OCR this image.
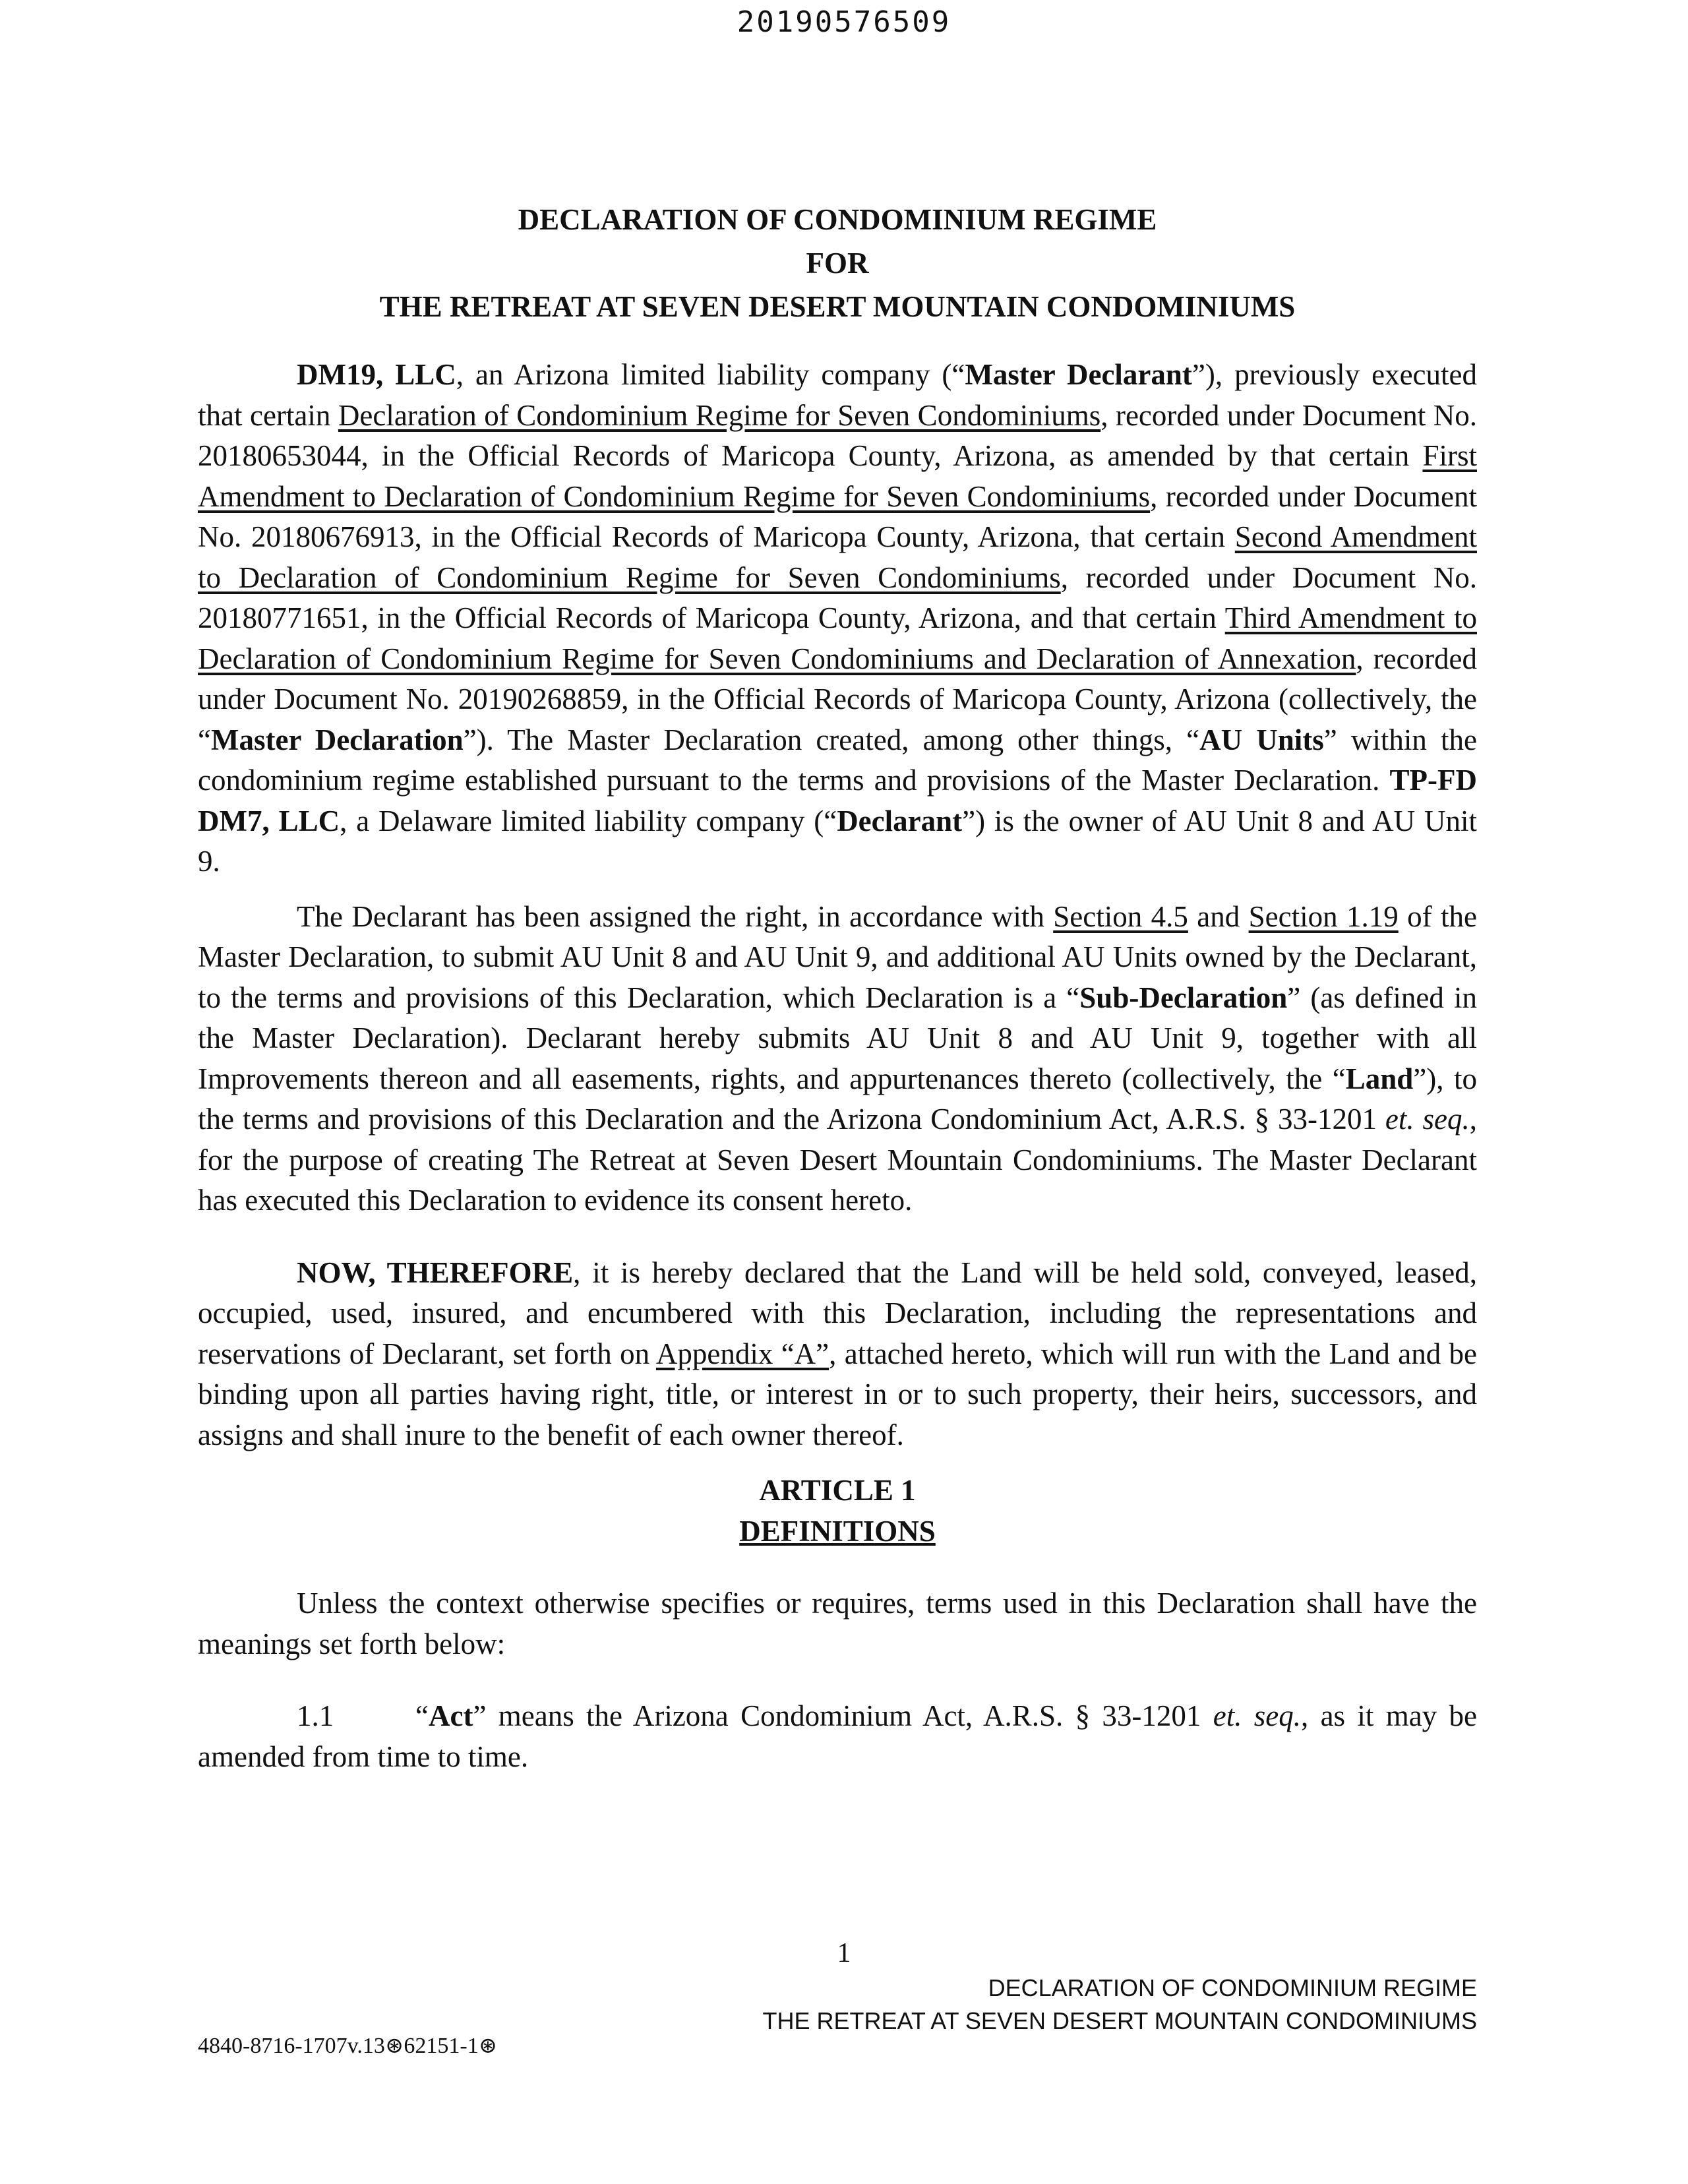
20190576509
DECLARATION OF CONDOMINIUM REGIME
FOR
THE RETREAT AT SEVEN DESERT MOUNTAIN CONDOMINIUMS

DM19, LLC, an Arizona limited liability company (“Master Declarant”), previously executed that certain Declaration of Condominium Regime for Seven Condominiums, recorded under Document No. 20180653044, in the Official Records of Maricopa County, Arizona, as amended by that certain First Amendment to Declaration of Condominium Regime for Seven Condominiums, recorded under Document No. 20180676913, in the Official Records of Maricopa County, Arizona, that certain Second Amendment to Declaration of Condominium Regime for Seven Condominiums, recorded under Document No. 20180771651, in the Official Records of Maricopa County, Arizona, and that certain Third Amendment to Declaration of Condominium Regime for Seven Condominiums and Declaration of Annexation, recorded under Document No. 20190268859, in the Official Records of Maricopa County, Arizona (collectively, the “Master Declaration”). The Master Declaration created, among other things, “AU Units” within the condominium regime established pursuant to the terms and provisions of the Master Declaration. TP-FD DM7, LLC, a Delaware limited liability company (“Declarant”) is the owner of AU Unit 8 and AU Unit 9.

The Declarant has been assigned the right, in accordance with Section 4.5 and Section 1.19 of the Master Declaration, to submit AU Unit 8 and AU Unit 9, and additional AU Units owned by the Declarant, to the terms and provisions of this Declaration, which Declaration is a “Sub-Declaration” (as defined in the Master Declaration). Declarant hereby submits AU Unit 8 and AU Unit 9, together with all Improvements thereon and all easements, rights, and appurtenances thereto (collectively, the “Land”), to the terms and provisions of this Declaration and the Arizona Condominium Act, A.R.S. § 33-1201 et. seq., for the purpose of creating The Retreat at Seven Desert Mountain Condominiums. The Master Declarant has executed this Declaration to evidence its consent hereto.

NOW, THEREFORE, it is hereby declared that the Land will be held sold, conveyed, leased, occupied, used, insured, and encumbered with this Declaration, including the representations and reservations of Declarant, set forth on Appendix “A”, attached hereto, which will run with the Land and be binding upon all parties having right, title, or interest in or to such property, their heirs, successors, and assigns and shall inure to the benefit of each owner thereof.

ARTICLE 1
DEFINITIONS

Unless the context otherwise specifies or requires, terms used in this Declaration shall have the meanings set forth below:

1.1	“Act” means the Arizona Condominium Act, A.R.S. § 33-1201 et. seq., as it may be amended from time to time.

1
DECLARATION OF CONDOMINIUM REGIME
THE RETREAT AT SEVEN DESERT MOUNTAIN CONDOMINIUMS
4840-8716-1707v.13⊛62151-1⊛
